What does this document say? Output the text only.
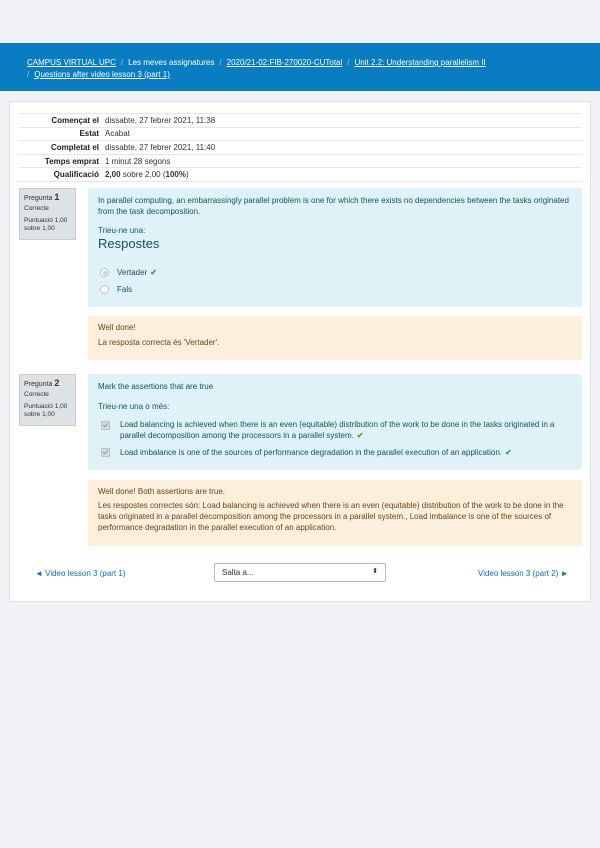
CAMPUS VIRTUAL UPC / Les meves assignatures / 2020/21-02:FIB-270020-CUTotal / Unit 2.2: Understanding parallelism II
/ Questions after video lesson 3 (part 1)
Començat el	dissabte, 27 febrer 2021, 11:38
Estat	Acabat
Completat el	dissabte, 27 febrer 2021, 11:40
Temps emprat	1 minut 28 segons
Qualificació	2,00 sobre 2,00 (100%)
Pregunta 1
Correcte
Puntuació 1,00
sobre 1,00
In parallel computing, an embarrassingly parallel problem is one for which there exists no dependencies between the tasks originated from the task decomposition.
Trieu-ne una:
Respostes
Vertader ✔
Fals
Well done!
La resposta correcta és 'Vertader'.
Pregunta 2
Correcte
Puntuació 1,00
sobre 1,00
Mark the assertions that are true
Trieu-ne una o més:
Load balancing is achieved when there is an even (equitable) distribution of the work to be done in the tasks originated in a parallel decomposition among the processors in a parallel system. ✔
Load imbalance is one of the sources of performance degradation in the parallel execution of an application. ✔
Well done! Both assertions are true.
Les respostes correctes són: Load balancing is achieved when there is an even (equitable) distribution of the work to be done in the tasks originated in a parallel decomposition among the processors in a parallel system., Load imbalance is one of the sources of performance degradation in the parallel execution of an application.
◄ Video lesson 3 (part 1)	Salta a...	⬍	Video lesson 3 (part 2) ►
